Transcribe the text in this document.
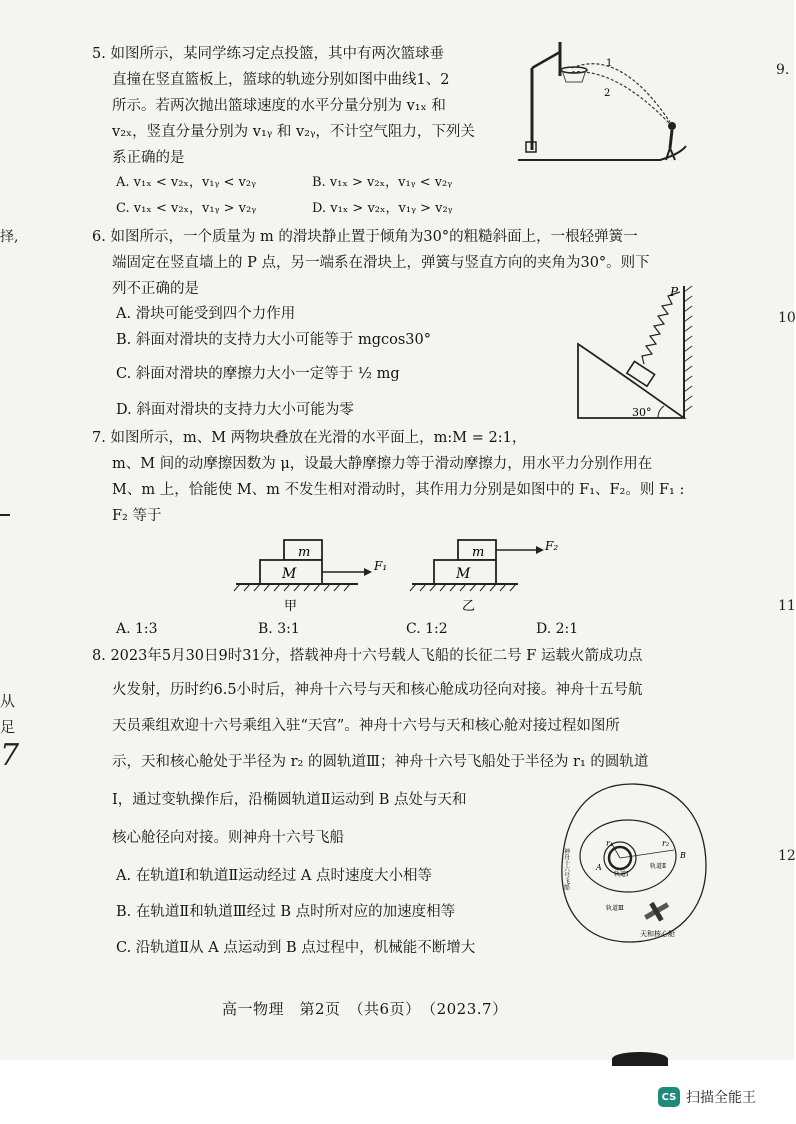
5. 如图所示，某同学练习定点投篮，其中有两次篮球垂
直撞在竖直篮板上，篮球的轨迹分别如图中曲线1、2
所示。若两次抛出篮球速度的水平分量分别为 v₁ₓ 和
v₂ₓ，竖直分量分别为 v₁ᵧ 和 v₂ᵧ，不计空气阻力，下列关
系正确的是
A. v₁ₓ < v₂ₓ，v₁ᵧ < v₂ᵧ	B. v₁ₓ > v₂ₓ，v₁ᵧ < v₂ᵧ
C. v₁ₓ < v₂ₓ，v₁ᵧ > v₂ᵧ	D. v₁ₓ > v₂ₓ，v₁ᵧ > v₂ᵧ
1
2
6. 如图所示，一个质量为 m 的滑块静止置于倾角为30°的粗糙斜面上，一根轻弹簧一
端固定在竖直墙上的 P 点，另一端系在滑块上，弹簧与竖直方向的夹角为30°。则下
列不正确的是
A. 滑块可能受到四个力作用
B. 斜面对滑块的支持力大小可能等于 mgcos30°
C. 斜面对滑块的摩擦力大小一定等于 ½ mg
D. 斜面对滑块的支持力大小可能为零
P
30°
7. 如图所示，m、M 两物块叠放在光滑的水平面上，m:M = 2:1，
m、M 间的动摩擦因数为 μ，设最大静摩擦力等于滑动摩擦力，用水平力分别作用在
M、m 上，恰能使 M、m 不发生相对滑动时，其作用力分别是如图中的 F₁、F₂。则 F₁ :
F₂ 等于
m
M	F₁
甲
m
M
F₂
乙
A. 1:3	B. 3:1	C. 1:2	D. 2:1
8. 2023年5月30日9时31分，搭载神舟十六号载人飞船的长征二号 F 运载火箭成功点
火发射，历时约6.5小时后，神舟十六号与天和核心舱成功径向对接。神舟十五号航
天员乘组欢迎十六号乘组入驻“天宫”。神舟十六号与天和核心舱对接过程如图所
示，天和核心舱处于半径为 r₂ 的圆轨道Ⅲ；神舟十六号飞船处于半径为 r₁ 的圆轨道
Ⅰ，通过变轨操作后，沿椭圆轨道Ⅱ运动到 B 点处与天和
核心舱径向对接。则神舟十六号飞船
A. 在轨道Ⅰ和轨道Ⅱ运动经过 A 点时速度大小相等
B. 在轨道Ⅱ和轨道Ⅲ经过 B 点时所对应的加速度相等
C. 沿轨道Ⅱ从 A 点运动到 B 点过程中，机械能不断增大
神舟十六号飞船
r₁	r₂
A
B
轨道Ⅰ
轨道Ⅱ
轨道Ⅲ
天和核心舱
9.
10
11
12
择,
从
足
7
高一物理　第2页　（共6页）　（2023.7）
CS 扫描全能王
